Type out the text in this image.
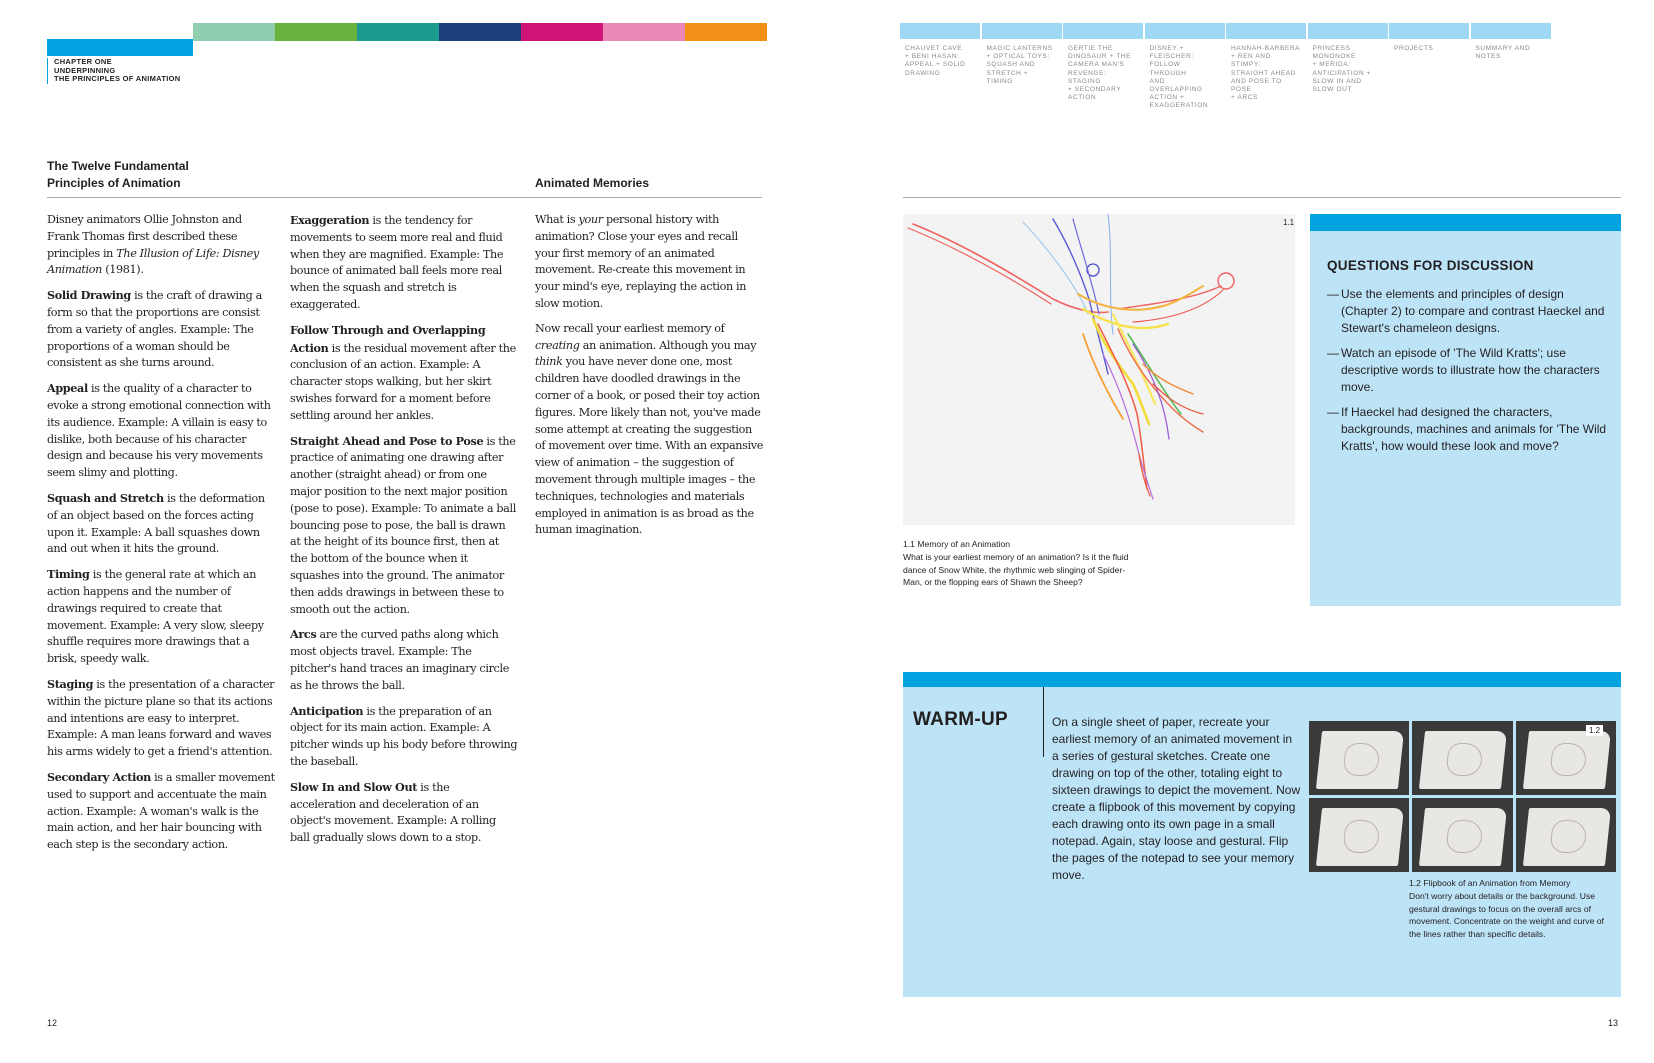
CHAPTER ONE
UNDERPINNING
THE PRINCIPLES OF ANIMATION
The Twelve Fundamental
Principles of Animation	Animated Memories

Disney animators Ollie Johnston and Frank Thomas first described these principles in The Illusion of Life: Disney Animation (1981).

Solid Drawing is the craft of drawing a form so that the proportions are consist from a variety of angles. Example: The proportions of a woman should be consistent as she turns around.

Appeal is the quality of a character to evoke a strong emotional connection with its audience. Example: A villain is easy to dislike, both because of his character design and because his very movements seem slimy and plotting.

Squash and Stretch is the deformation of an object based on the forces acting upon it. Example: A ball squashes down and out when it hits the ground.

Timing is the general rate at which an action happens and the number of drawings required to create that movement. Example: A very slow, sleepy shuffle requires more drawings that a brisk, speedy walk.

Staging is the presentation of a character within the picture plane so that its actions and intentions are easy to interpret. Example: A man leans forward and waves his arms widely to get a friend's attention.

Secondary Action is a smaller movement used to support and accentuate the main action. Example: A woman's walk is the main action, and her hair bouncing with each step is the secondary action.

Exaggeration is the tendency for movements to seem more real and fluid when they are magnified. Example: The bounce of animated ball feels more real when the squash and stretch is exaggerated.

Follow Through and Overlapping Action is the residual movement after the conclusion of an action. Example: A character stops walking, but her skirt swishes forward for a moment before settling around her ankles.

Straight Ahead and Pose to Pose is the practice of animating one drawing after another (straight ahead) or from one major position to the next major position (pose to pose). Example: To animate a ball bouncing pose to pose, the ball is drawn at the height of its bounce first, then at the bottom of the bounce when it squashes into the ground. The animator then adds drawings in between these to smooth out the action.

Arcs are the curved paths along which most objects travel. Example: The pitcher's hand traces an imaginary circle as he throws the ball.

Anticipation is the preparation of an object for its main action. Example: A pitcher winds up his body before throwing the baseball.

Slow In and Slow Out is the acceleration and deceleration of an object's movement. Example: A rolling ball gradually slows down to a stop.

What is your personal history with animation? Close your eyes and recall your first memory of an animated movement. Re-create this movement in your mind's eye, replaying the action in slow motion.

Now recall your earliest memory of creating an animation. Although you may think you have never done one, most children have doodled drawings in the corner of a book, or posed their toy action figures. More likely than not, you've made some attempt at creating the suggestion of movement over time. With an expansive view of animation – the suggestion of movement through multiple images – the techniques, technologies and materials employed in animation is as broad as the human imagination.

12
CHAUVET CAVE
+ BENI HASAN:
APPEAL + SOLID
DRAWING
MAGIC LANTERNS
+ OPTICAL TOYS:
SQUASH AND
STRETCH + TIMING
GERTIE THE
DINOSAUR + THE
CAMERA MAN'S
REVENGE: STAGING
+ SECONDARY
ACTION
DISNEY +
FLEISCHER:
FOLLOW THROUGH
AND OVERLAPPING
ACTION +
EXAGGERATION
HANNAH-BARBERA
+ REN AND STIMPY:
STRAIGHT AHEAD
AND POSE TO POSE
+ ARCS
PRINCESS
MONONOKE
+ MERIDA:
ANTICIPATION +
SLOW IN AND
SLOW OUT
PROJECTS	SUMMARY AND
NOTES
1.1
1.1 Memory of an Animation
What is your earliest memory of an animation? Is it the fluid dance of Snow White, the rhythmic web slinging of Spider-Man, or the flopping ears of Shawn the Sheep?
QUESTIONS FOR DISCUSSION
— Use the elements and principles of design (Chapter 2) to compare and contrast Haeckel and Stewart's chameleon designs.
— Watch an episode of 'The Wild Kratts'; use descriptive words to illustrate how the characters move.
— If Haeckel had designed the characters, backgrounds, machines and animals for 'The Wild Kratts', how would these look and move?
WARM-UP	On a single sheet of paper, recreate your earliest memory of an animated movement in a series of gestural sketches. Create one drawing on top of the other, totaling eight to sixteen drawings to depict the movement. Now create a flipbook of this movement by copying each drawing onto its own page in a small notepad. Again, stay loose and gestural. Flip the pages of the notepad to see your memory move.
1.2
1.2 Flipbook of an Animation from Memory
Don't worry about details or the background. Use gestural drawings to focus on the overall arcs of movement. Concentrate on the weight and curve of the lines rather than specific details.
13
